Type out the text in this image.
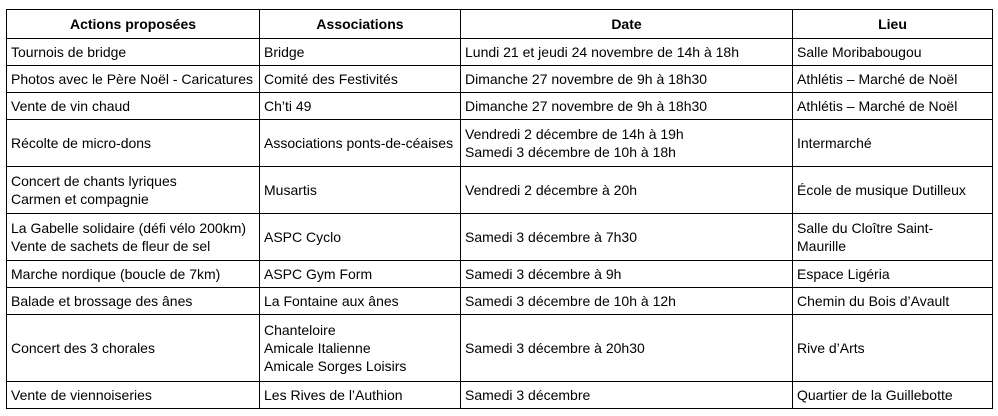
Actions proposées	Associations	Date	Lieu

Tournois de bridge	Bridge	Lundi 21 et jeudi 24 novembre de 14h à 18h	Salle Moribabougou

Photos avec le Père Noël - Caricatures	Comité des Festivités	Dimanche 27 novembre de 9h à 18h30	Athlétis – Marché de Noël

Vente de vin chaud	Ch’ti 49	Dimanche 27 novembre de 9h à 18h30	Athlétis – Marché de Noël

Récolte de micro-dons	Associations ponts-de-céaises	Vendredi 2 décembre de 14h à 19h
Samedi 3 décembre de 10h à 18h	Intermarché

Concert de chants lyriques
Carmen et compagnie	Musartis	Vendredi 2 décembre à 20h	École de musique Dutilleux

La Gabelle solidaire (défi vélo 200km)
Vente de sachets de fleur de sel	ASPC Cyclo	Samedi 3 décembre à 7h30	Salle du Cloître Saint-
Maurille

Marche nordique (boucle de 7km)	ASPC Gym Form	Samedi 3 décembre à 9h	Espace Ligéria

Balade et brossage des ânes	La Fontaine aux ânes	Samedi 3 décembre de 10h à 12h	Chemin du Bois d’Avault

Concert des 3 chorales	Chanteloire
Amicale Italienne
Amicale Sorges Loisirs	Samedi 3 décembre à 20h30	Rive d’Arts

Vente de viennoiseries	Les Rives de l’Authion	Samedi 3 décembre	Quartier de la Guillebotte
